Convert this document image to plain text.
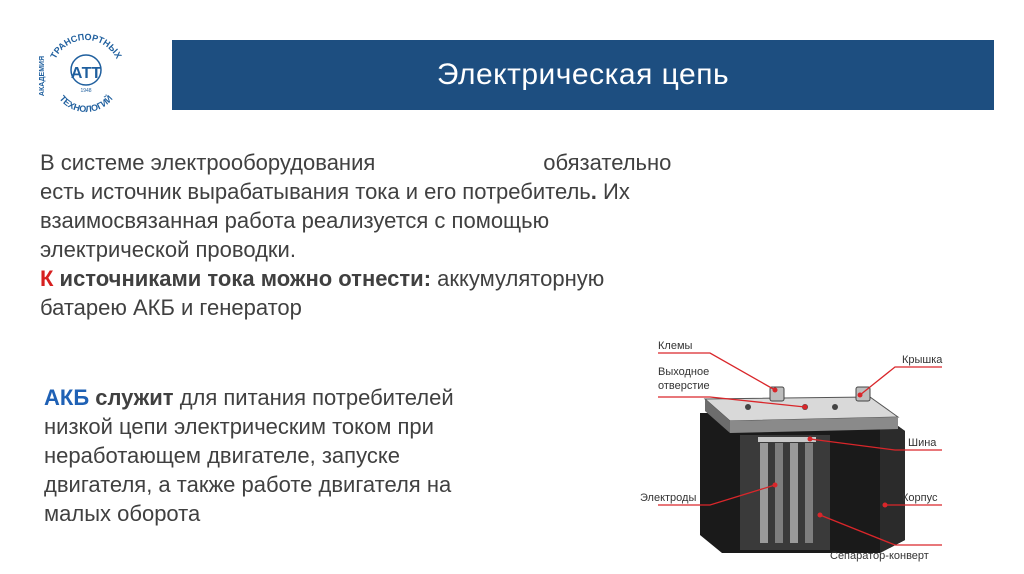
ТРАНСПОРТНЫХ
ТЕХНОЛОГИЙ
АКАДЕМИЯ АТТ
1948	Электрическая цепь
В системе электрооборудования	обязательно
есть источник вырабатывания тока и его потребитель. Их
взаимосвязанная работа реализуется с помощью
электрической проводки.
К источниками тока можно отнести: аккумуляторную
батарею АКБ и генератор
АКБ служит для питания потребителей
низкой цепи электрическим током при
неработающем двигателе, запуске
двигателя, а также работе двигателя на
малых оборота
Клемы
Выходное
отверстие
Электроды
Крышка
Шина
Корпус
Сепаратор-конверт
